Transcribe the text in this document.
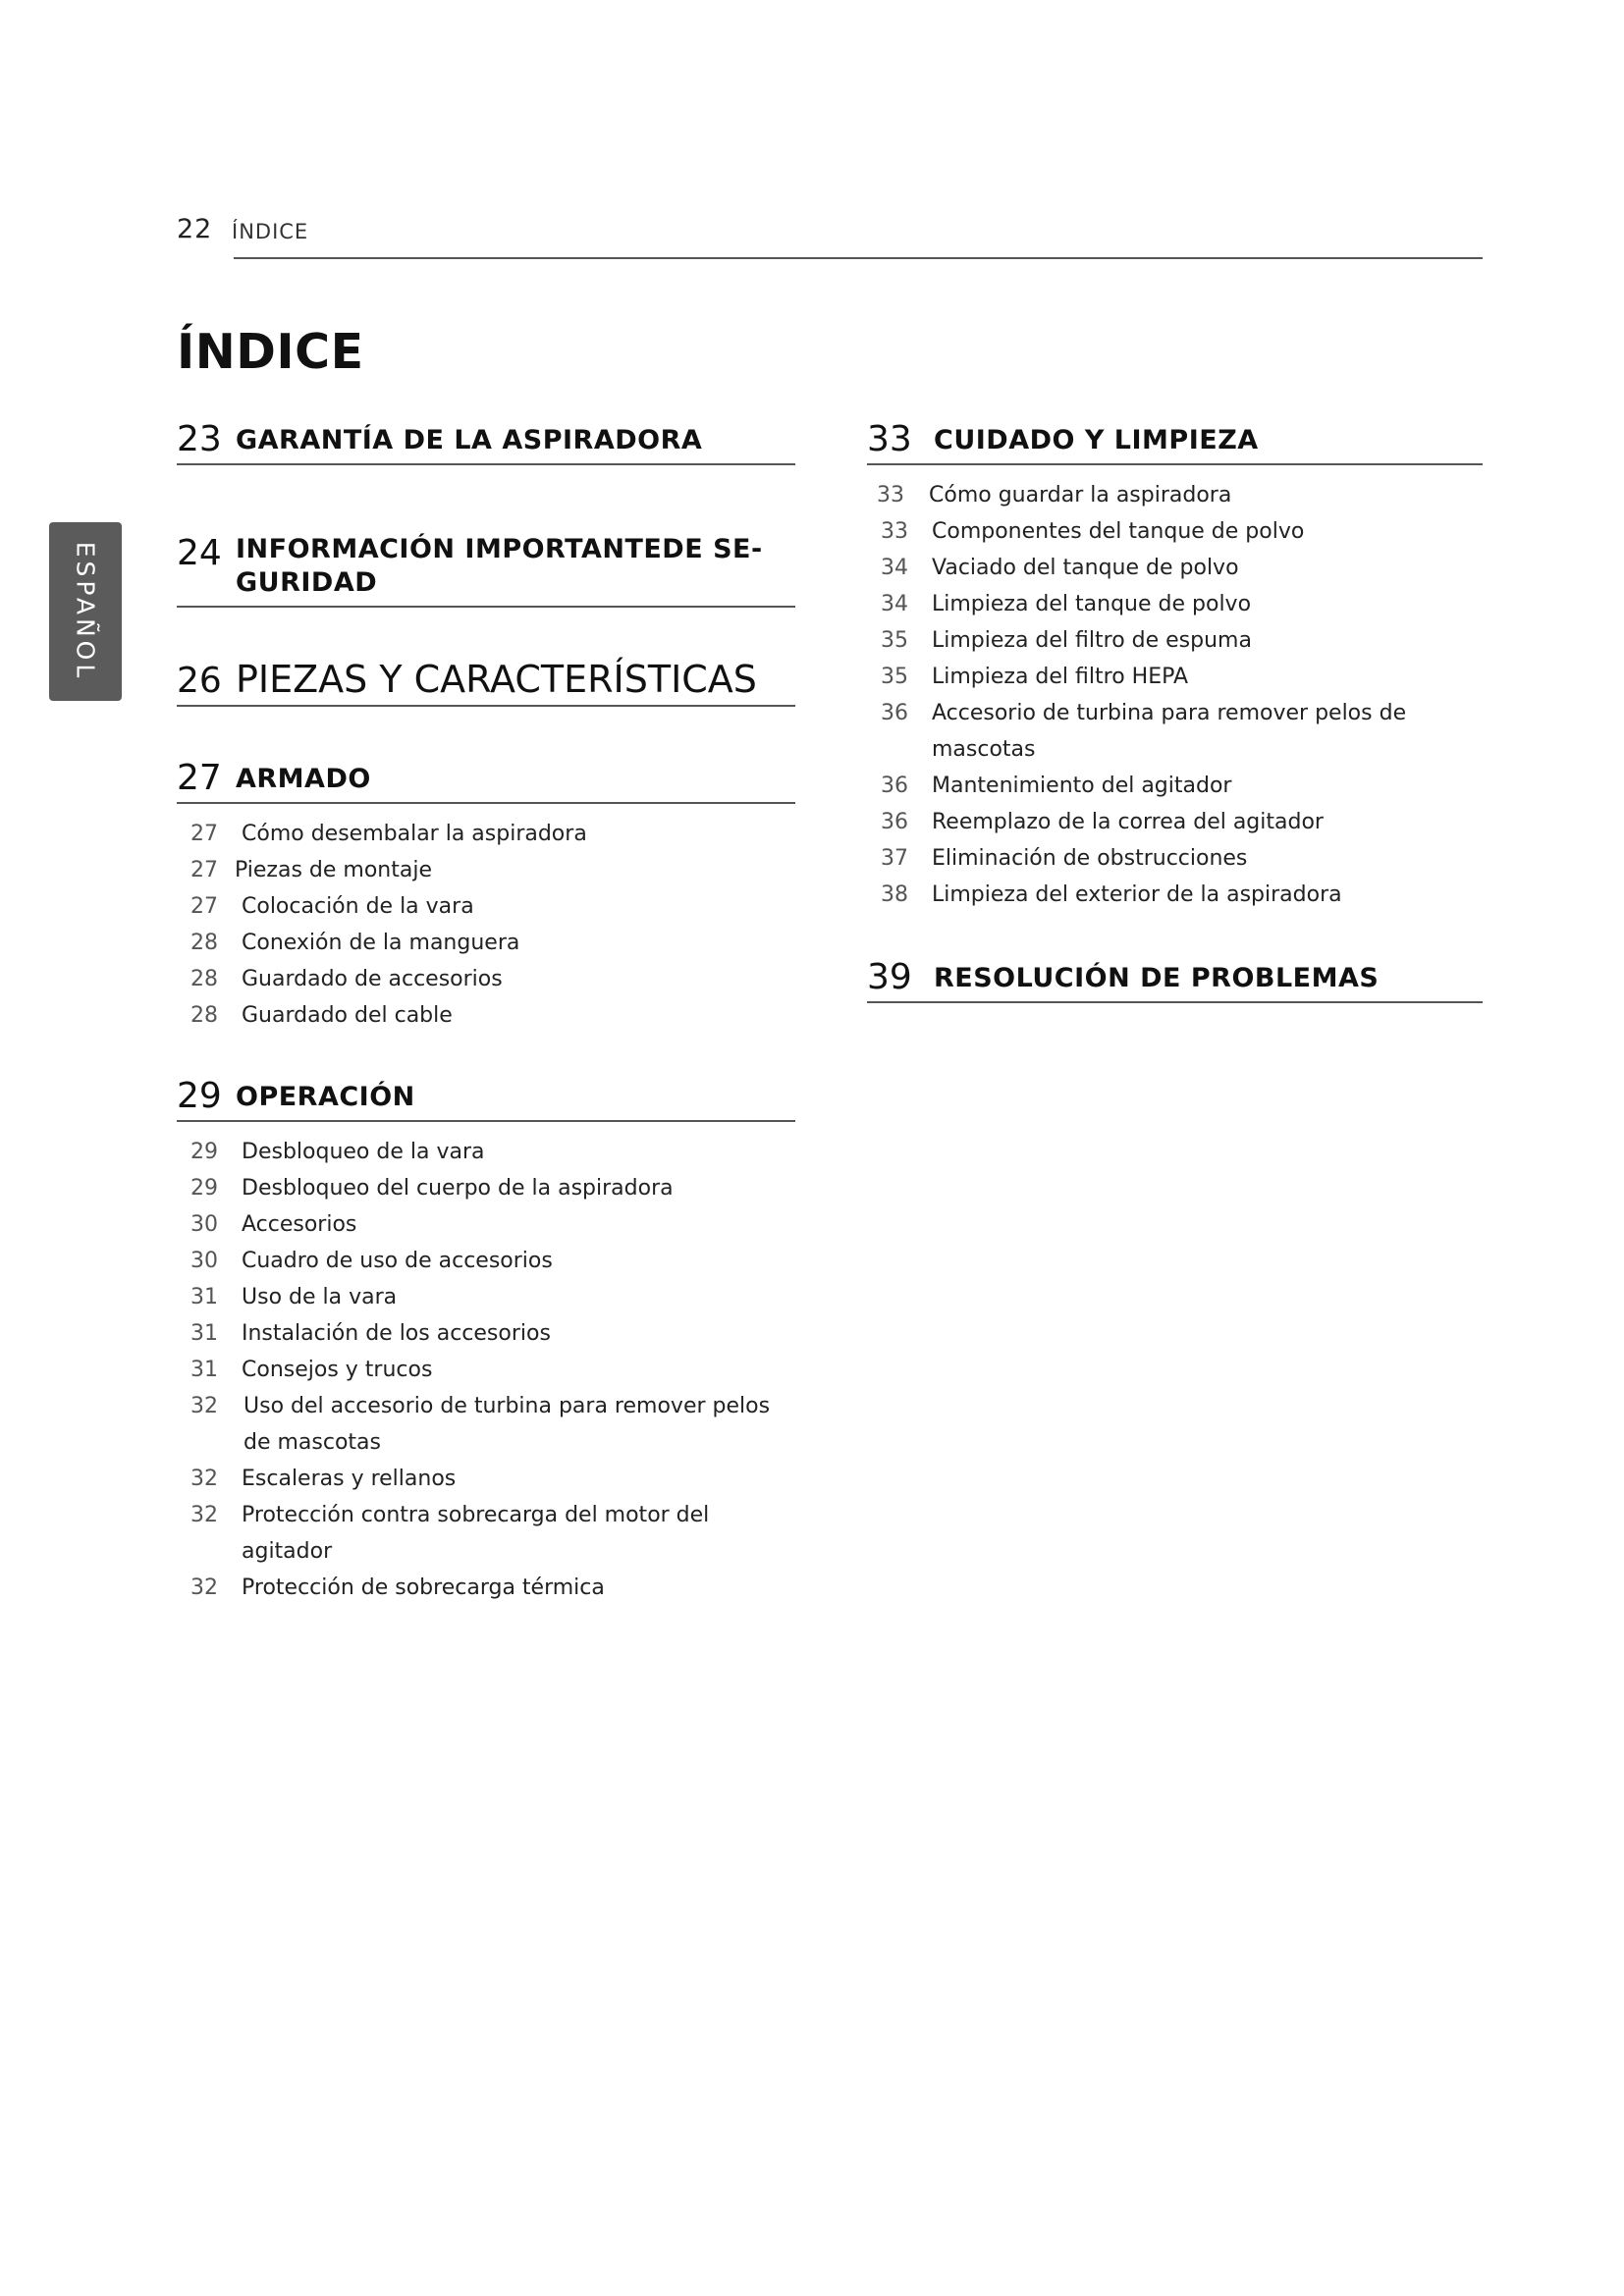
22 ÍNDICE
ÍNDICE
ESPAÑOL
23 GARANTÍA DE LA ASPIRADORA
24 INFORMACIÓN IMPORTANTEDE SE-GURIDAD
26 PIEZAS Y CARACTERÍSTICAS
27 ARMADO
27 Cómo desembalar la aspiradora
27 Piezas de montaje
27 Colocación de la vara
28 Conexión de la manguera
28 Guardado de accesorios
28 Guardado del cable
29 OPERACIÓN
29 Desbloqueo de la vara
29 Desbloqueo del cuerpo de la aspiradora
30 Accesorios
30 Cuadro de uso de accesorios
31 Uso de la vara
31 Instalación de los accesorios
31 Consejos y trucos
32 Uso del accesorio de turbina para remover pelos de mascotas
32 Escaleras y rellanos
32 Protección contra sobrecarga del motor del agitador
32 Protección de sobrecarga térmica
33 CUIDADO Y LIMPIEZA
33 Cómo guardar la aspiradora
33 Componentes del tanque de polvo
34 Vaciado del tanque de polvo
34 Limpieza del tanque de polvo
35 Limpieza del filtro de espuma
35 Limpieza del filtro HEPA
36 Accesorio de turbina para remover pelos de mascotas
36 Mantenimiento del agitador
36 Reemplazo de la correa del agitador
37 Eliminación de obstrucciones
38 Limpieza del exterior de la aspiradora
39 RESOLUCIÓN DE PROBLEMAS
